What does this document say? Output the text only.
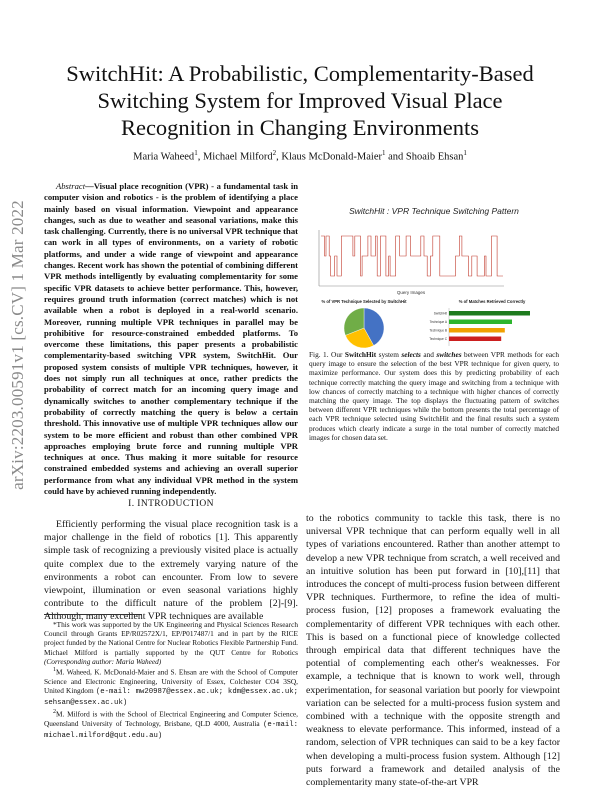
arXiv:2203.00591v1 [cs.CV] 1 Mar 2022
SwitchHit: A Probabilistic, Complementarity-Based
Switching System for Improved Visual Place
Recognition in Changing Environments
Maria Waheed$^1$, Michael Milford$^2$, Klaus McDonald-Maier$^1$ and Shoaib Ehsan$^1$
Abstract—Visual place recognition (VPR) - a fundamental task in computer vision and robotics - is the problem of identifying a place mainly based on visual information. Viewpoint and appearance changes, such as due to weather and seasonal variations, make this task challenging. Currently, there is no universal VPR technique that can work in all types of environments, on a variety of robotic platforms, and under a wide range of viewpoint and appearance changes. Recent work has shown the potential of combining different VPR methods intelligently by evaluating complementarity for some specific VPR datasets to achieve better performance. This, however, requires ground truth information (correct matches) which is not available when a robot is deployed in a real-world scenario. Moreover, running multiple VPR techniques in parallel may be prohibitive for resource-constrained embedded platforms. To overcome these limitations, this paper presents a probabilistic complementarity-based switching VPR system, SwitchHit. Our proposed system consists of multiple VPR techniques, however, it does not simply run all techniques at once, rather predicts the probability of correct match for an incoming query image and dynamically switches to another complementary technique if the probability of correctly matching the query is below a certain threshold. This innovative use of multiple VPR techniques allow our system to be more efficient and robust than other combined VPR approaches employing brute force and running multiple VPR techniques at once. Thus making it more suitable for resource constrained embedded systems and achieving an overall superior performance from what any individual VPR method in the system could have by achieved running independently.
I. INTRODUCTION
Efficiently performing the visual place recognition task is a major challenge in the field of robotics [1]. This apparently simple task of recognizing a previously visited place is actually quite complex due to the extremely varying nature of the environments a robot can encounter. From low to severe viewpoint, illumination or even seasonal variations highly contribute to the difficult nature of the problem [2]-[9]. Although, many excellent VPR techniques are available

*This work was supported by the UK Engineering and Physical Sciences Research Council through Grants EP/R02572X/1, EP/P017487/1 and in part by the RICE project funded by the National Centre for Nuclear Robotics Flexible Partnership Fund. Michael Milford is partially supported by the QUT Centre for Robotics (Corresponding author: Maria Waheed)

$^1$M. Waheed, K. McDonald-Maier and S. Ehsan are with the School of Computer Science and Electronic Engineering, University of Essex, Colchester CO4 3SQ, United Kingdom (e-mail: mw20987@essex.ac.uk; kdm@essex.ac.uk; sehsan@essex.ac.uk)

$^2$M. Milford is with the School of Electrical Engineering and Computer Science, Queensland University of Technology, Brisbane, QLD 4000, Australia (e-mail: michael.milford@qut.edu.au)

SwitchHit : VPR Technique Switching Pattern
Query Images
% of VPR Technique Selected by SwitchHit	% of Matches Retrieved Correctly
SwitchHit
Technique A
Technique B
Technique C
Fig. 1. Our SwitchHit system selects and switches between VPR methods for each query image to ensure the selection of the best VPR technique for given query, to maximize performance. Our system does this by predicting probability of each technique correctly matching the query image and switching from a technique with low chances of correctly matching to a technique with higher chances of correctly matching the query image. The top displays the fluctuating pattern of switches between different VPR techniques while the bottom presents the total percentage of each VPR technique selected using SwitchHit and the final results such a system produces which clearly indicate a surge in the total number of correctly matched images for chosen data set.
to the robotics community to tackle this task, there is no universal VPR technique that can perform equally well in all types of variations encountered. Rather than another attempt to develop a new VPR technique from scratch, a well received and an intuitive solution has been put forward in [10],[11] that introduces the concept of multi-process fusion between different VPR techniques. Furthermore, to refine the idea of multi-process fusion, [12] proposes a framework evaluating the complementarity of different VPR techniques with each other. This is based on a functional piece of knowledge collected through empirical data that different techniques have the potential of complementing each other's weaknesses. For example, a technique that is known to work well, through experimentation, for seasonal variation but poorly for viewpoint variation can be selected for a multi-process fusion system and combined with a technique with the opposite strength and weakness to elevate performance. This informed, instead of a random, selection of VPR techniques can said to be a key factor when developing a multi-process fusion system. Although [12] puts forward a framework and detailed analysis of the complementarity many state-of-the-art VPR
